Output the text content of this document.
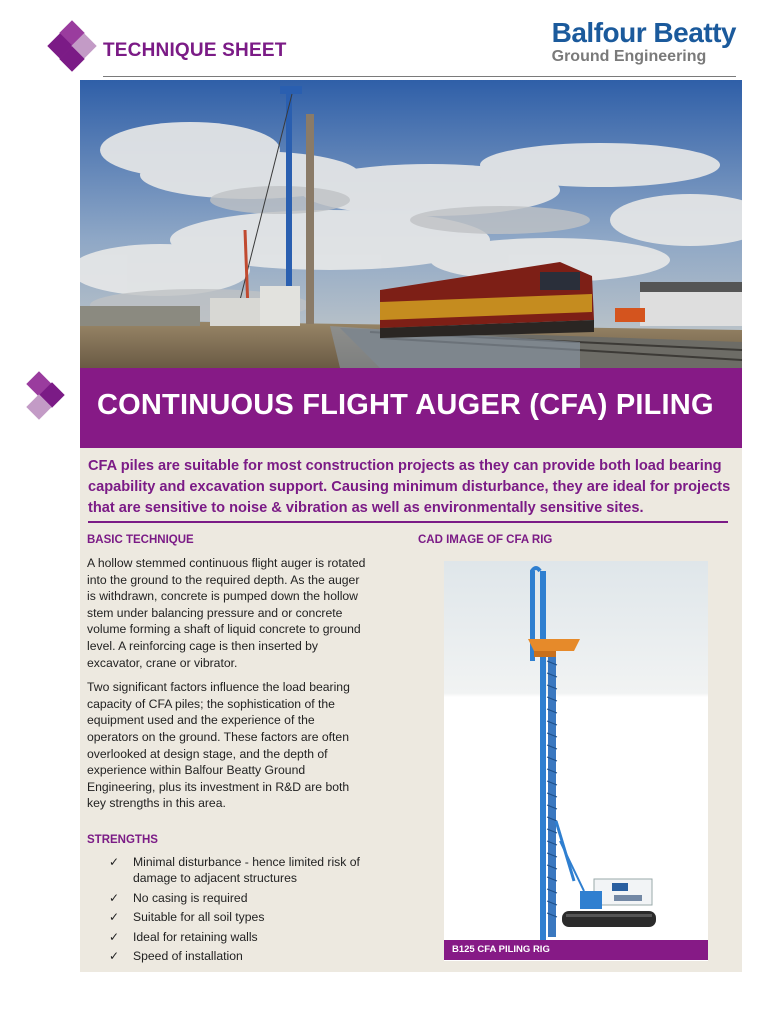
TECHNIQUE SHEET
Balfour Beatty
Ground Engineering
CONTINUOUS FLIGHT AUGER (CFA) PILING
CFA piles are suitable for most construction projects as they can provide both load bearing capability and excavation support. Causing minimum disturbance, they are ideal for projects that are sensitive to noise & vibration as well as environmentally sensitive sites.
BASIC TECHNIQUE

A hollow stemmed continuous flight auger is rotated into the ground to the required depth. As the auger is withdrawn, concrete is pumped down the hollow stem under balancing pressure and or concrete volume forming a shaft of liquid concrete to ground level. A reinforcing cage is then inserted by excavator, crane or vibrator.

Two significant factors influence the load bearing capacity of CFA piles; the sophistication of the equipment used and the experience of the operators on the ground. These factors are often overlooked at design stage, and the depth of experience within Balfour Beatty Ground Engineering, plus its investment in R&D are both key strengths in this area.

STRENGTHS
✓ Minimal disturbance - hence limited risk of damage to adjacent structures
✓ No casing is required
✓ Suitable for all soil types
✓ Ideal for retaining walls
✓ Speed of installation
CAD IMAGE OF CFA RIG
B125 CFA PILING RIG
